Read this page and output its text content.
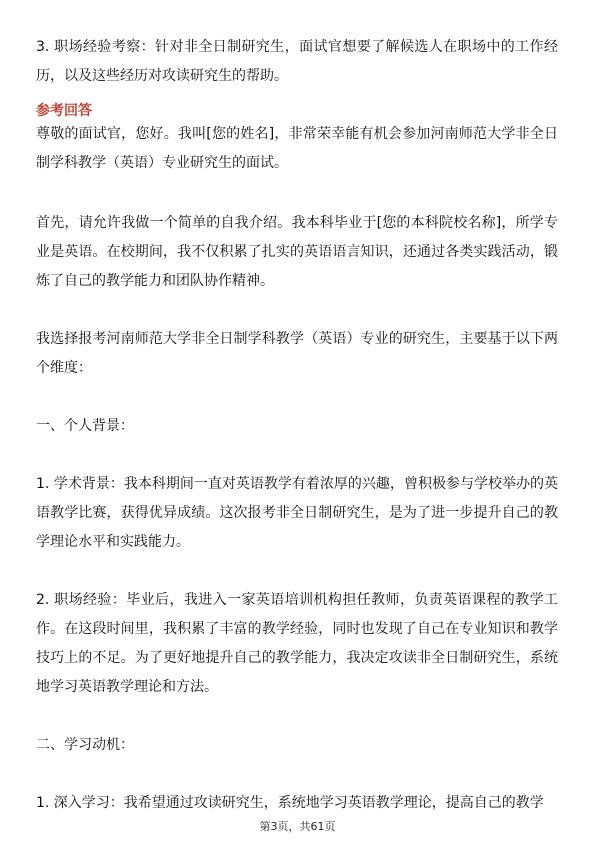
3. 职场经验考察：针对非全日制研究生，面试官想要了解候选人在职场中的工作经历，以及这些经历对攻读研究生的帮助。

参考回答

尊敬的面试官，您好。我叫[您的姓名]，非常荣幸能有机会参加河南师范大学非全日制学科教学（英语）专业研究生的面试。

首先，请允许我做一个简单的自我介绍。我本科毕业于[您的本科院校名称]，所学专业是英语。在校期间，我不仅积累了扎实的英语语言知识，还通过各类实践活动，锻炼了自己的教学能力和团队协作精神。

我选择报考河南师范大学非全日制学科教学（英语）专业的研究生，主要基于以下两个维度：

一、个人背景：

1. 学术背景：我本科期间一直对英语教学有着浓厚的兴趣，曾积极参与学校举办的英语教学比赛，获得优异成绩。这次报考非全日制研究生，是为了进一步提升自己的教学理论水平和实践能力。

2. 职场经验：毕业后，我进入一家英语培训机构担任教师，负责英语课程的教学工作。在这段时间里，我积累了丰富的教学经验，同时也发现了自己在专业知识和教学技巧上的不足。为了更好地提升自己的教学能力，我决定攻读非全日制研究生，系统地学习英语教学理论和方法。

二、学习动机：

1. 深入学习：我希望通过攻读研究生，系统地学习英语教学理论，提高自己的教学

第3页，共61页
